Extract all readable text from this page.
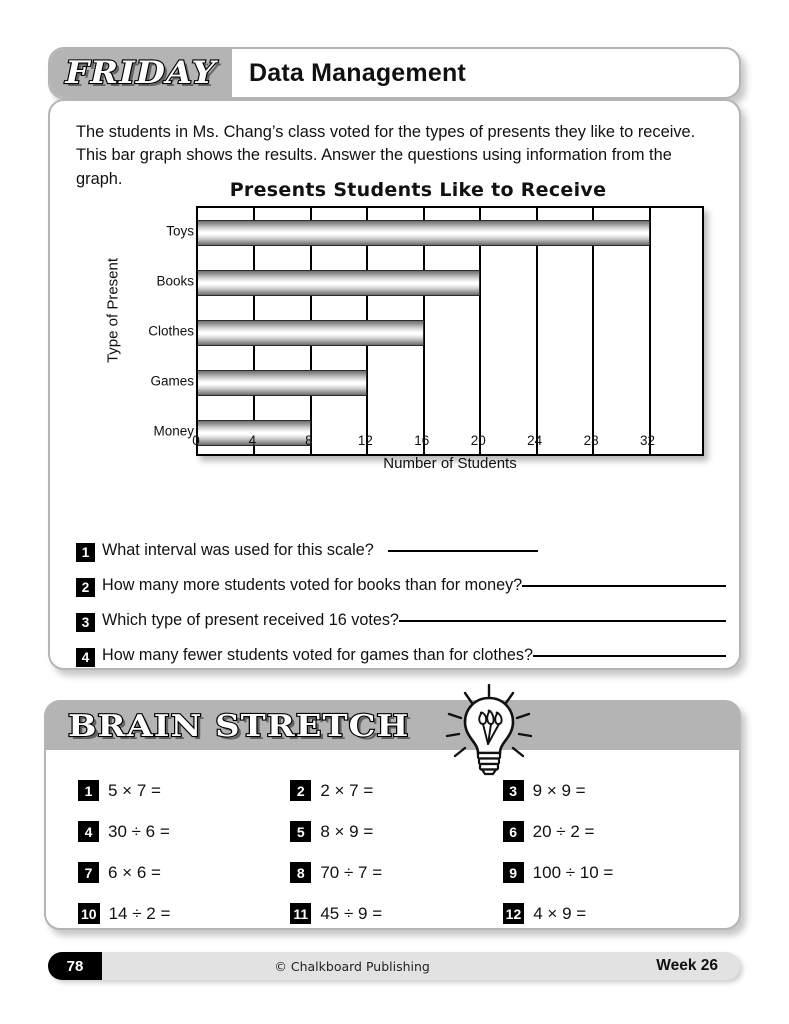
FRIDAY	Data Management

The students in Ms. Chang’s class voted for the types of presents they like to receive. This bar graph shows the results. Answer the questions using information from the graph.

Presents Students Like to Receive
Type of Present
Toys
Books
Clothes
Games
Money
0	4	8	12	16	20	24	28	32
Number of Students
1 What interval was used for this scale?
2 How many more students voted for books than for money?
3 Which type of present received 16 votes?
4 How many fewer students voted for games than for clothes?
BRAIN STRETCH
1 5 × 7 =	2 2 × 7 =	3 9 × 9 =
4 30 ÷ 6 =	5 8 × 9 =	6 20 ÷ 2 =
7 6 × 6 =	8 70 ÷ 7 =	9 100 ÷ 10 =
10 14 ÷ 2 =	11 45 ÷ 9 =	12 4 × 9 =
78	© Chalkboard Publishing	Week 26
